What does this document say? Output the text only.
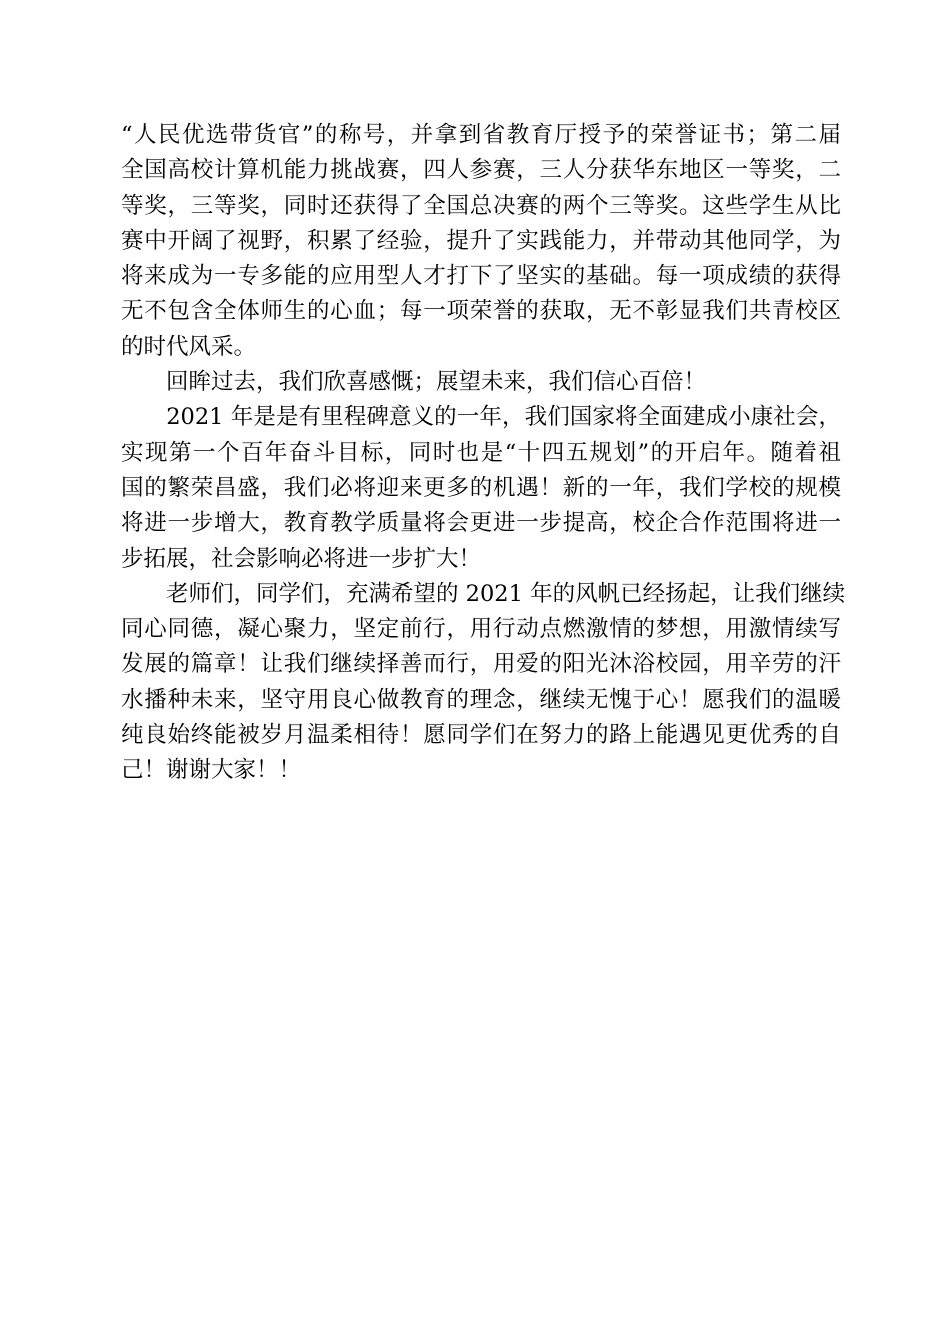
“人民优选带货官”的称号，并拿到省教育厅授予的荣誉证书；第二届
全国高校计算机能力挑战赛，四人参赛，三人分获华东地区一等奖，二
等奖，三等奖，同时还获得了全国总决赛的两个三等奖。这些学生从比
赛中开阔了视野，积累了经验，提升了实践能力，并带动其他同学，为
将来成为一专多能的应用型人才打下了坚实的基础。每一项成绩的获得
无不包含全体师生的心血；每一项荣誉的获取，无不彰显我们共青校区
的时代风采。
　　回眸过去，我们欣喜感慨；展望未来，我们信心百倍！
　　2021 年是是有里程碑意义的一年，我们国家将全面建成小康社会，
实现第一个百年奋斗目标，同时也是“十四五规划”的开启年。随着祖
国的繁荣昌盛，我们必将迎来更多的机遇！新的一年，我们学校的规模
将进一步增大，教育教学质量将会更进一步提高，校企合作范围将进一
步拓展，社会影响必将进一步扩大！
　　老师们，同学们，充满希望的 2021 年的风帆已经扬起，让我们继续
同心同德，凝心聚力，坚定前行，用行动点燃激情的梦想，用激情续写
发展的篇章！让我们继续择善而行，用爱的阳光沐浴校园，用辛劳的汗
水播种未来，坚守用良心做教育的理念，继续无愧于心！愿我们的温暖
纯良始终能被岁月温柔相待！愿同学们在努力的路上能遇见更优秀的自
己！谢谢大家！！
